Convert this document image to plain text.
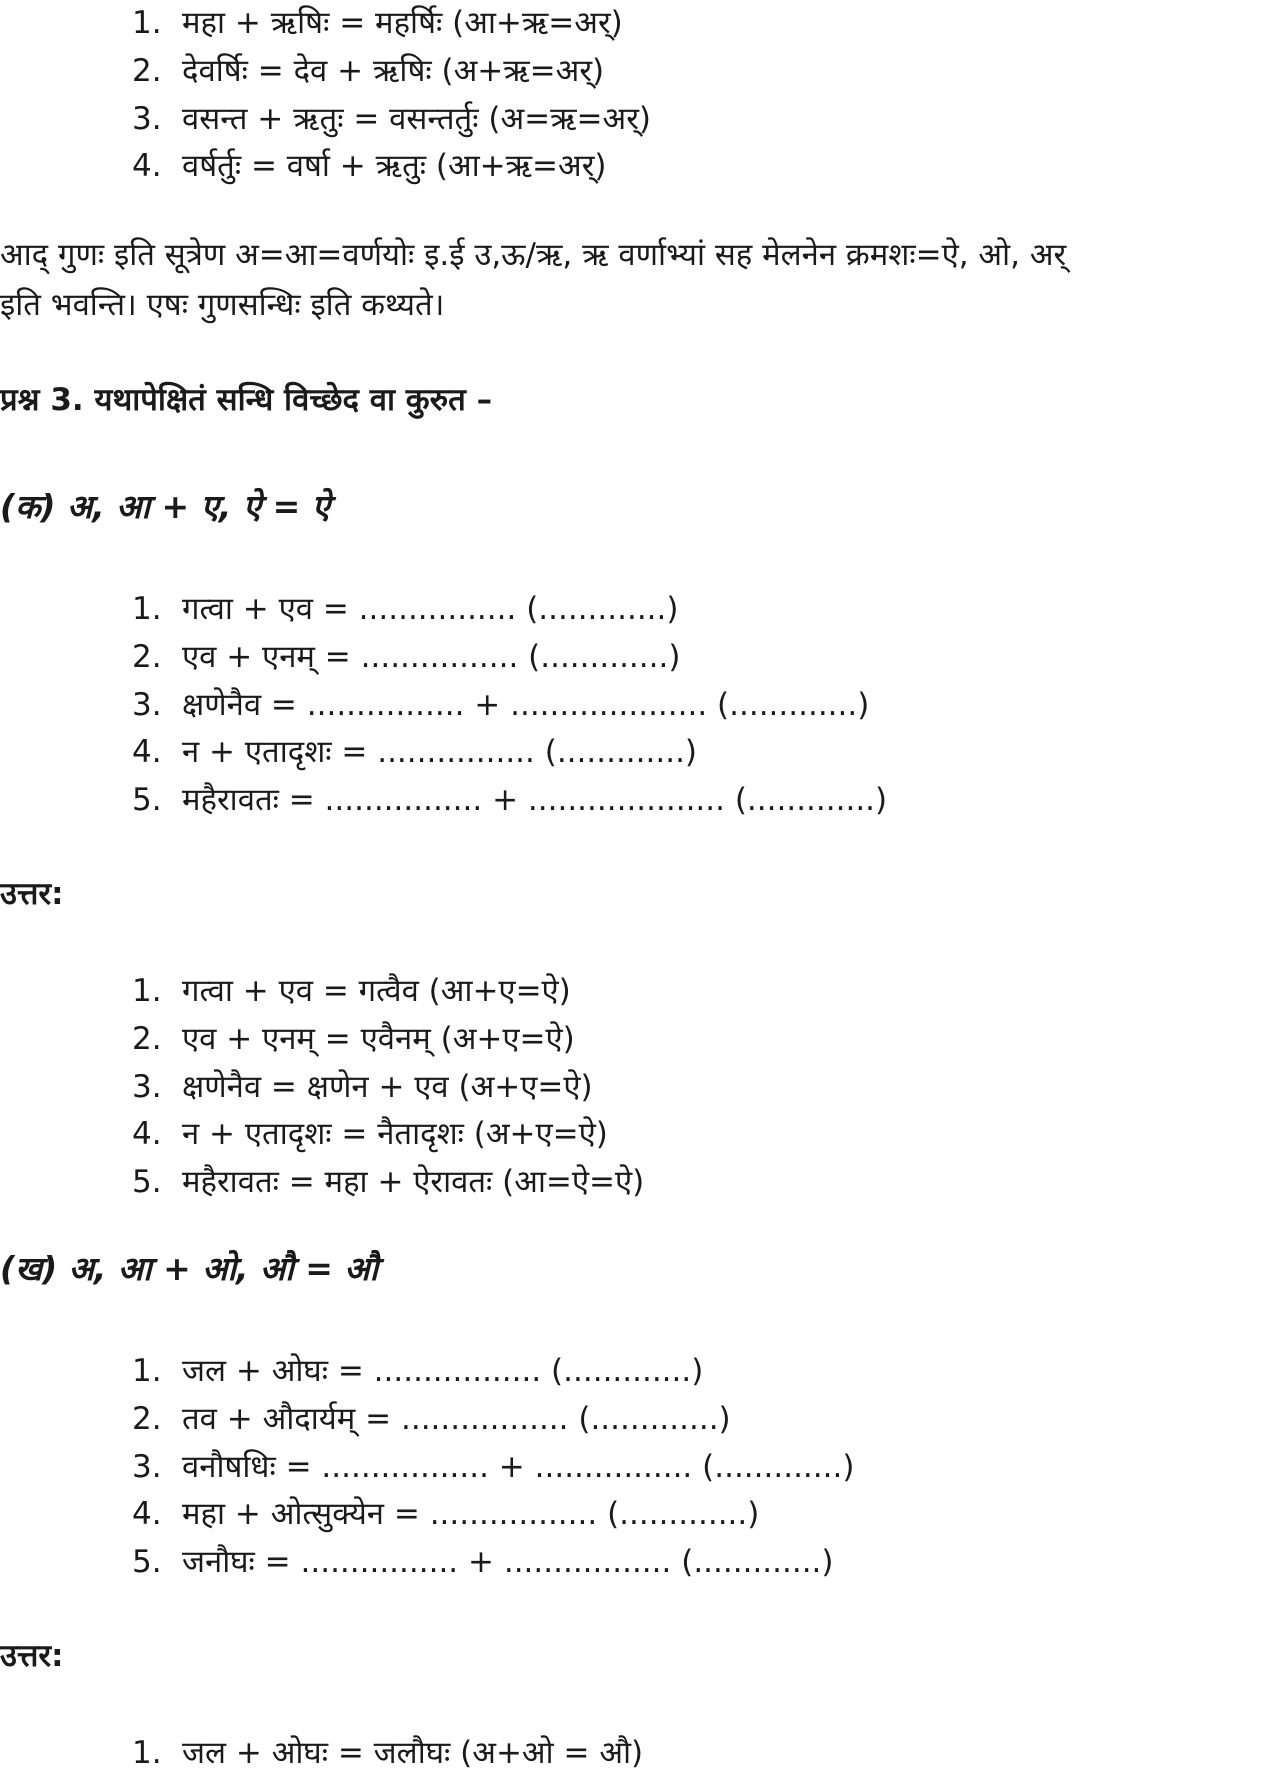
1. महा + ऋषिः = महर्षिः (आ+ऋ=अर्)
2. देवर्षिः = देव + ऋषिः (अ+ऋ=अर्)
3. वसन्त + ऋतुः = वसन्तर्तुः (अ=ऋ=अर्)
4. वर्षर्तुः = वर्षा + ऋतुः (आ+ऋ=अर्)

आद् गुणः इति सूत्रेण अ=आ=वर्णयोः इ.ई उ,ऊ/ऋ, ऋ वर्णाभ्यां सह मेलनेन क्रमशः=ऐ, ओ, अर्
इति भवन्ति। एषः गुणसन्धिः इति कथ्यते।

प्रश्न 3. यथापेक्षितं सन्धि विच्छेद वा कुरुत –
(क) अ, आ + ए, ऐ = ऐ
1. गत्वा + एव = ................ (.............)
2. एव + एनम् = ................ (.............)
3. क्षणेनैव = ................ + .................... (.............)
4. न + एतादृशः = ................ (.............)
5. महैरावतः = ................ + .................... (.............)
उत्तर:
1. गत्वा + एव = गत्वैव (आ+ए=ऐ)
2. एव + एनम् = एवैनम् (अ+ए=ऐ)
3. क्षणेनैव = क्षणेन + एव (अ+ए=ऐ)
4. न + एतादृशः = नैतादृशः (अ+ए=ऐ)
5. महैरावतः = महा + ऐरावतः (आ=ऐ=ऐ)
(ख) अ, आ + ओ, औ = औ
1. जल + ओघः = ................. (.............)
2. तव + औदार्यम् = ................. (.............)
3. वनौषधिः = ................. + ................ (.............)
4. महा + ओत्सुक्येन = ................. (.............)
5. जनौघः = ................ + ................. (.............)
उत्तर:
1. जल + ओघः = जलौघः (अ+ओ = औ)
